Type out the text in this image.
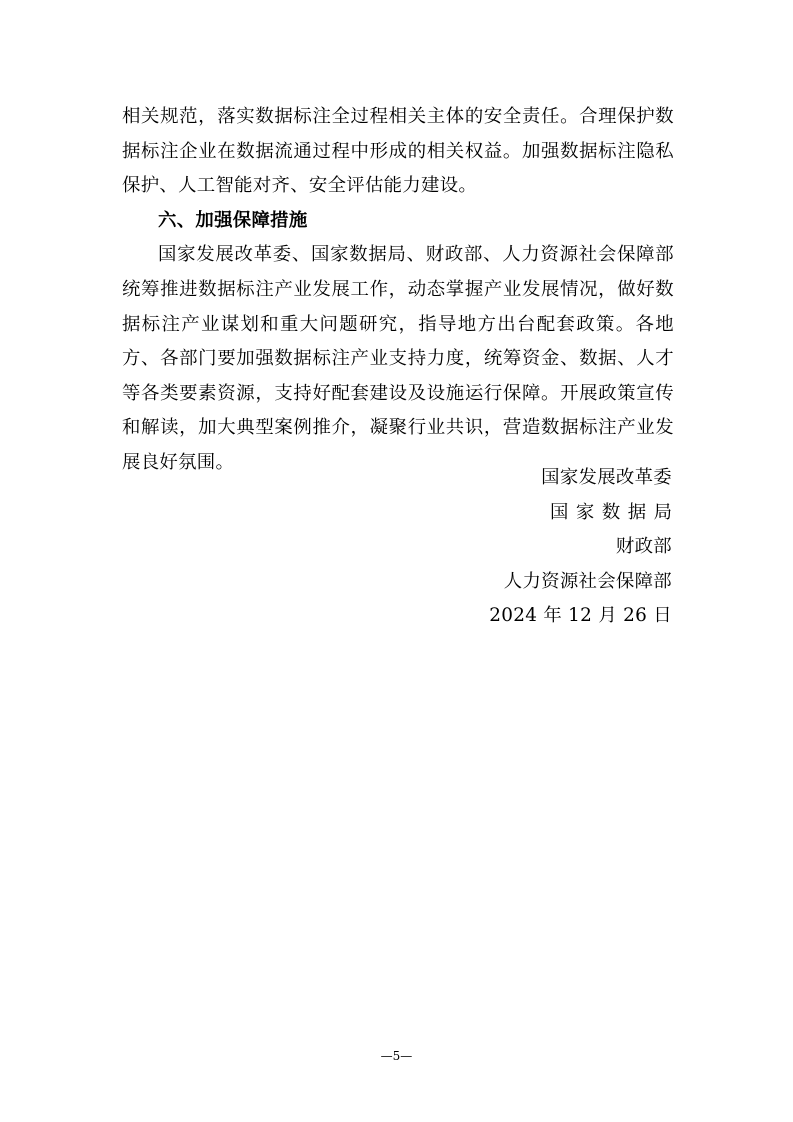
相关规范，落实数据标注全过程相关主体的安全责任。合理保护数据标注企业在数据流通过程中形成的相关权益。加强数据标注隐私保护、人工智能对齐、安全评估能力建设。

六、加强保障措施

国家发展改革委、国家数据局、财政部、人力资源社会保障部统筹推进数据标注产业发展工作，动态掌握产业发展情况，做好数据标注产业谋划和重大问题研究，指导地方出台配套政策。各地方、各部门要加强数据标注产业支持力度，统筹资金、数据、人才等各类要素资源，支持好配套建设及设施运行保障。开展政策宣传和解读，加大典型案例推介，凝聚行业共识，营造数据标注产业发展良好氛围。

国家发展改革委
国家数据局
财政部
人力资源社会保障部
2024 年 12 月 26 日
—5—
